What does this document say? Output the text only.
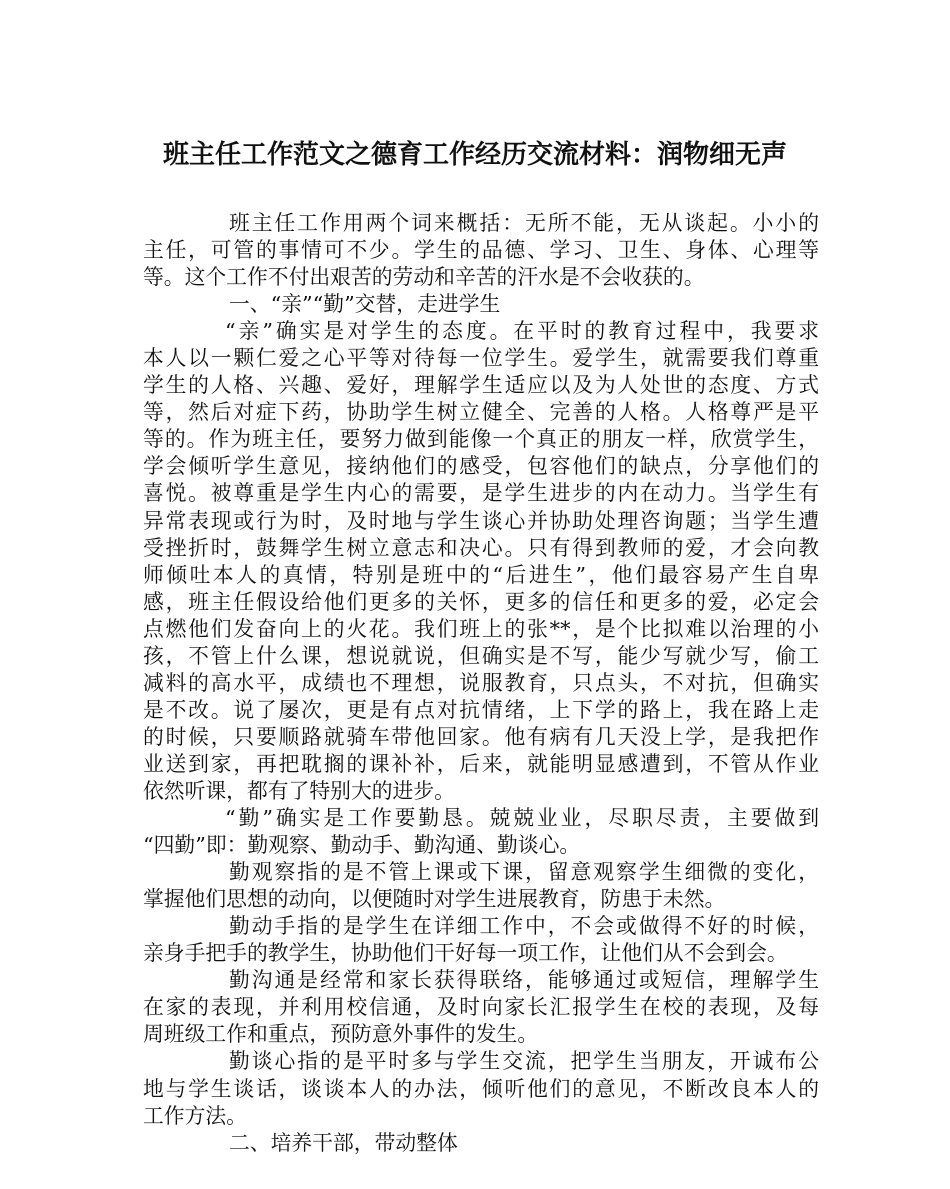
班主任工作范文之德育工作经历交流材料：润物细无声
班主任工作用两个词来概括：无所不能，无从谈起。小小的
主任，可管的事情可不少。学生的品德、学习、卫生、身体、心理等
等。这个工作不付出艰苦的劳动和辛苦的汗水是不会收获的。
一、“亲”“勤”交替，走进学生
“亲”确实是对学生的态度。在平时的教育过程中，我要求
本人以一颗仁爱之心平等对待每一位学生。爱学生，就需要我们尊重
学生的人格、兴趣、爱好，理解学生适应以及为人处世的态度、方式
等，然后对症下药，协助学生树立健全、完善的人格。人格尊严是平
等的。作为班主任，要努力做到能像一个真正的朋友一样，欣赏学生，
学会倾听学生意见，接纳他们的感受，包容他们的缺点，分享他们的
喜悦。被尊重是学生内心的需要，是学生进步的内在动力。当学生有
异常表现或行为时，及时地与学生谈心并协助处理咨询题；当学生遭
受挫折时，鼓舞学生树立意志和决心。只有得到教师的爱，才会向教
师倾吐本人的真情，特别是班中的“后进生”，他们最容易产生自卑
感，班主任假设给他们更多的关怀，更多的信任和更多的爱，必定会
点燃他们发奋向上的火花。我们班上的张**，是个比拟难以治理的小
孩，不管上什么课，想说就说，但确实是不写，能少写就少写，偷工
减料的高水平，成绩也不理想，说服教育，只点头，不对抗，但确实
是不改。说了屡次，更是有点对抗情绪，上下学的路上，我在路上走
的时候，只要顺路就骑车带他回家。他有病有几天没上学，是我把作
业送到家，再把耽搁的课补补，后来，就能明显感遭到，不管从作业
依然听课，都有了特别大的进步。
“勤”确实是工作要勤恳。兢兢业业，尽职尽责，主要做到
“四勤”即：勤观察、勤动手、勤沟通、勤谈心。
勤观察指的是不管上课或下课，留意观察学生细微的变化，
掌握他们思想的动向，以便随时对学生进展教育，防患于未然。
勤动手指的是学生在详细工作中，不会或做得不好的时候，
亲身手把手的教学生，协助他们干好每一项工作，让他们从不会到会。
勤沟通是经常和家长获得联络，能够通过或短信，理解学生
在家的表现，并利用校信通，及时向家长汇报学生在校的表现，及每
周班级工作和重点，预防意外事件的发生。
勤谈心指的是平时多与学生交流，把学生当朋友，开诚布公
地与学生谈话，谈谈本人的办法，倾听他们的意见，不断改良本人的
工作方法。
二、培养干部，带动整体
